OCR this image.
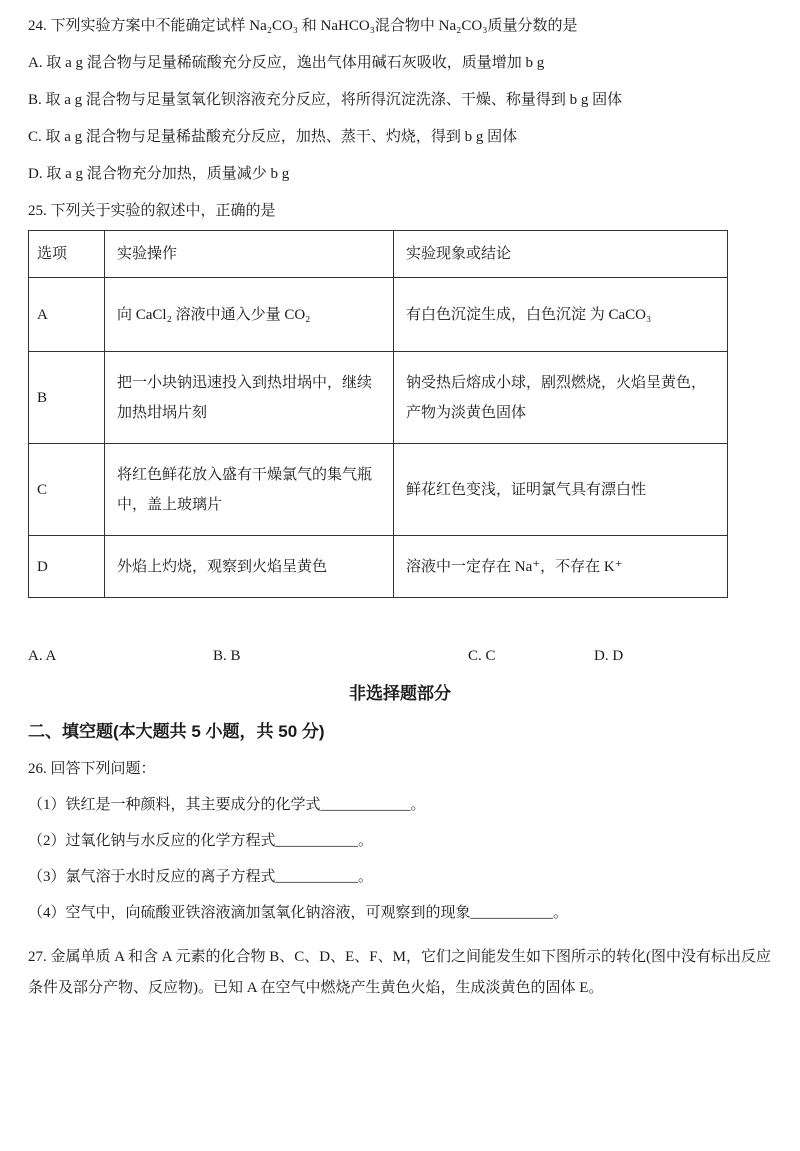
24. 下列实验方案中不能确定试样 Na₂CO₃ 和 NaHCO₃混合物中 Na₂CO₃质量分数的是

A. 取 a g 混合物与足量稀硫酸充分反应，逸出气体用碱石灰吸收，质量增加 b g

B. 取 a g 混合物与足量氢氧化钡溶液充分反应，将所得沉淀洗涤、干燥、称量得到 b g 固体

C. 取 a g 混合物与足量稀盐酸充分反应，加热、蒸干、灼烧，得到 b g 固体

D. 取 a g 混合物充分加热，质量减少 b g

25. 下列关于实验的叙述中，正确的是

选项	实验操作	实验现象或结论
A	向 CaCl₂ 溶液中通入少量 CO₂	有白色沉淀生成，白色沉淀 为 CaCO₃
B	把一小块钠迅速投入到热坩埚中，继续加热坩埚片刻	钠受热后熔成小球，剧烈燃烧，火焰呈黄色，产物为淡黄色固体
C	将红色鲜花放入盛有干燥氯气的集气瓶中，盖上玻璃片	鲜花红色变浅，证明氯气具有漂白性
D	外焰上灼烧，观察到火焰呈黄色	溶液中一定存在 Na⁺，不存在 K⁺
A. A	B. B	C. C	D. D

非选择题部分

二、填空题(本大题共 5 小题，共 50 分)

26. 回答下列问题：

（1）铁红是一种颜料，其主要成分的化学式____________。

（2）过氧化钠与水反应的化学方程式___________。

（3）氯气溶于水时反应的离子方程式___________。

（4）空气中，向硫酸亚铁溶液滴加氢氧化钠溶液，可观察到的现象___________。

27. 金属单质 A 和含 A 元素的化合物 B、C、D、E、F、M，它们之间能发生如下图所示的转化(图中没有标出反应条件及部分产物、反应物)。已知 A 在空气中燃烧产生黄色火焰，生成淡黄色的固体 E。
